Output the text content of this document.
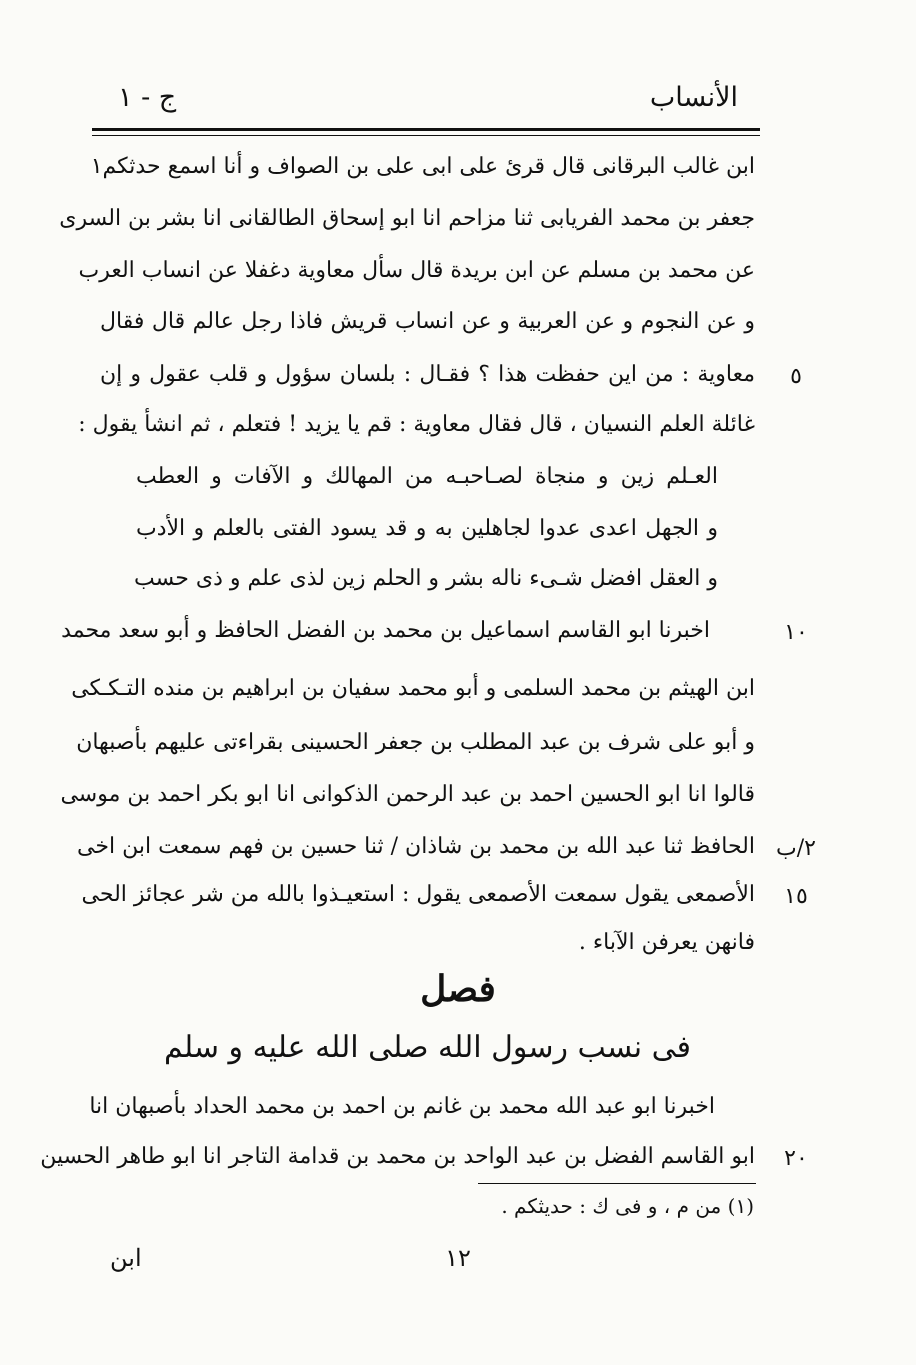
الأنساب
ج - ١
ابن غالب البرقانى قال قرئ على ابى على بن الصواف و أنا اسمع حدثكم١
جعفر بن محمد الفريابى ثنا مزاحم انا ابو إسحاق الطالقانى انا بشر بن السرى
عن محمد بن مسلم عن ابن بريدة قال سأل معاوية دغفلا عن انساب العرب
و عن النجوم و عن العربية و عن انساب قريش فاذا رجل عالم قال فقال
معاوية : من اين حفظت هذا ؟ فقـال : بلسان سؤول و قلب عقول و إن
غائلة العلم النسيان ، قال فقال معاوية : قم يا يزيد ! فتعلم ، ثم انشأ يقول :
العـلم زين و منجاة لصـاحبـه من المهالك و الآفات و العطب
و الجهل اعدى عدوا لجاهلين به و قد يسود الفتى بالعلم و الأدب
و العقل افضل شـىء ناله بشر و الحلم زين لذى علم و ذى حسب
اخبرنا ابو القاسم اسماعيل بن محمد بن الفضل الحافظ و أبو سعد محمد
ابن الهيثم بن محمد السلمى و أبو محمد سفيان بن ابراهيم بن منده التـكـكى
و أبو على شرف بن عبد المطلب بن جعفر الحسينى بقراءتى عليهم بأصبهان
قالوا انا ابو الحسين احمد بن عبد الرحمن الذكوانى انا ابو بكر احمد بن موسى
الحافظ ثنا عبد الله بن محمد بن شاذان / ثنا حسين بن فهم سمعت ابن اخى
الأصمعى يقول سمعت الأصمعى يقول : استعيـذوا بالله من شر عجائز الحى
فانهن يعرفن الآباء .
فصل
فى نسب رسول الله صلى الله عليه و سلم
اخبرنا ابو عبد الله محمد بن غانم بن احمد بن محمد الحداد بأصبهان انا
ابو القاسم الفضل بن عبد الواحد بن محمد بن قدامة التاجر انا ابو طاهر الحسين
٥
١٠
٢/ب
١٥
٢٠
(١) من م ، و فى ك : حديثكم .
١٢
ابن
